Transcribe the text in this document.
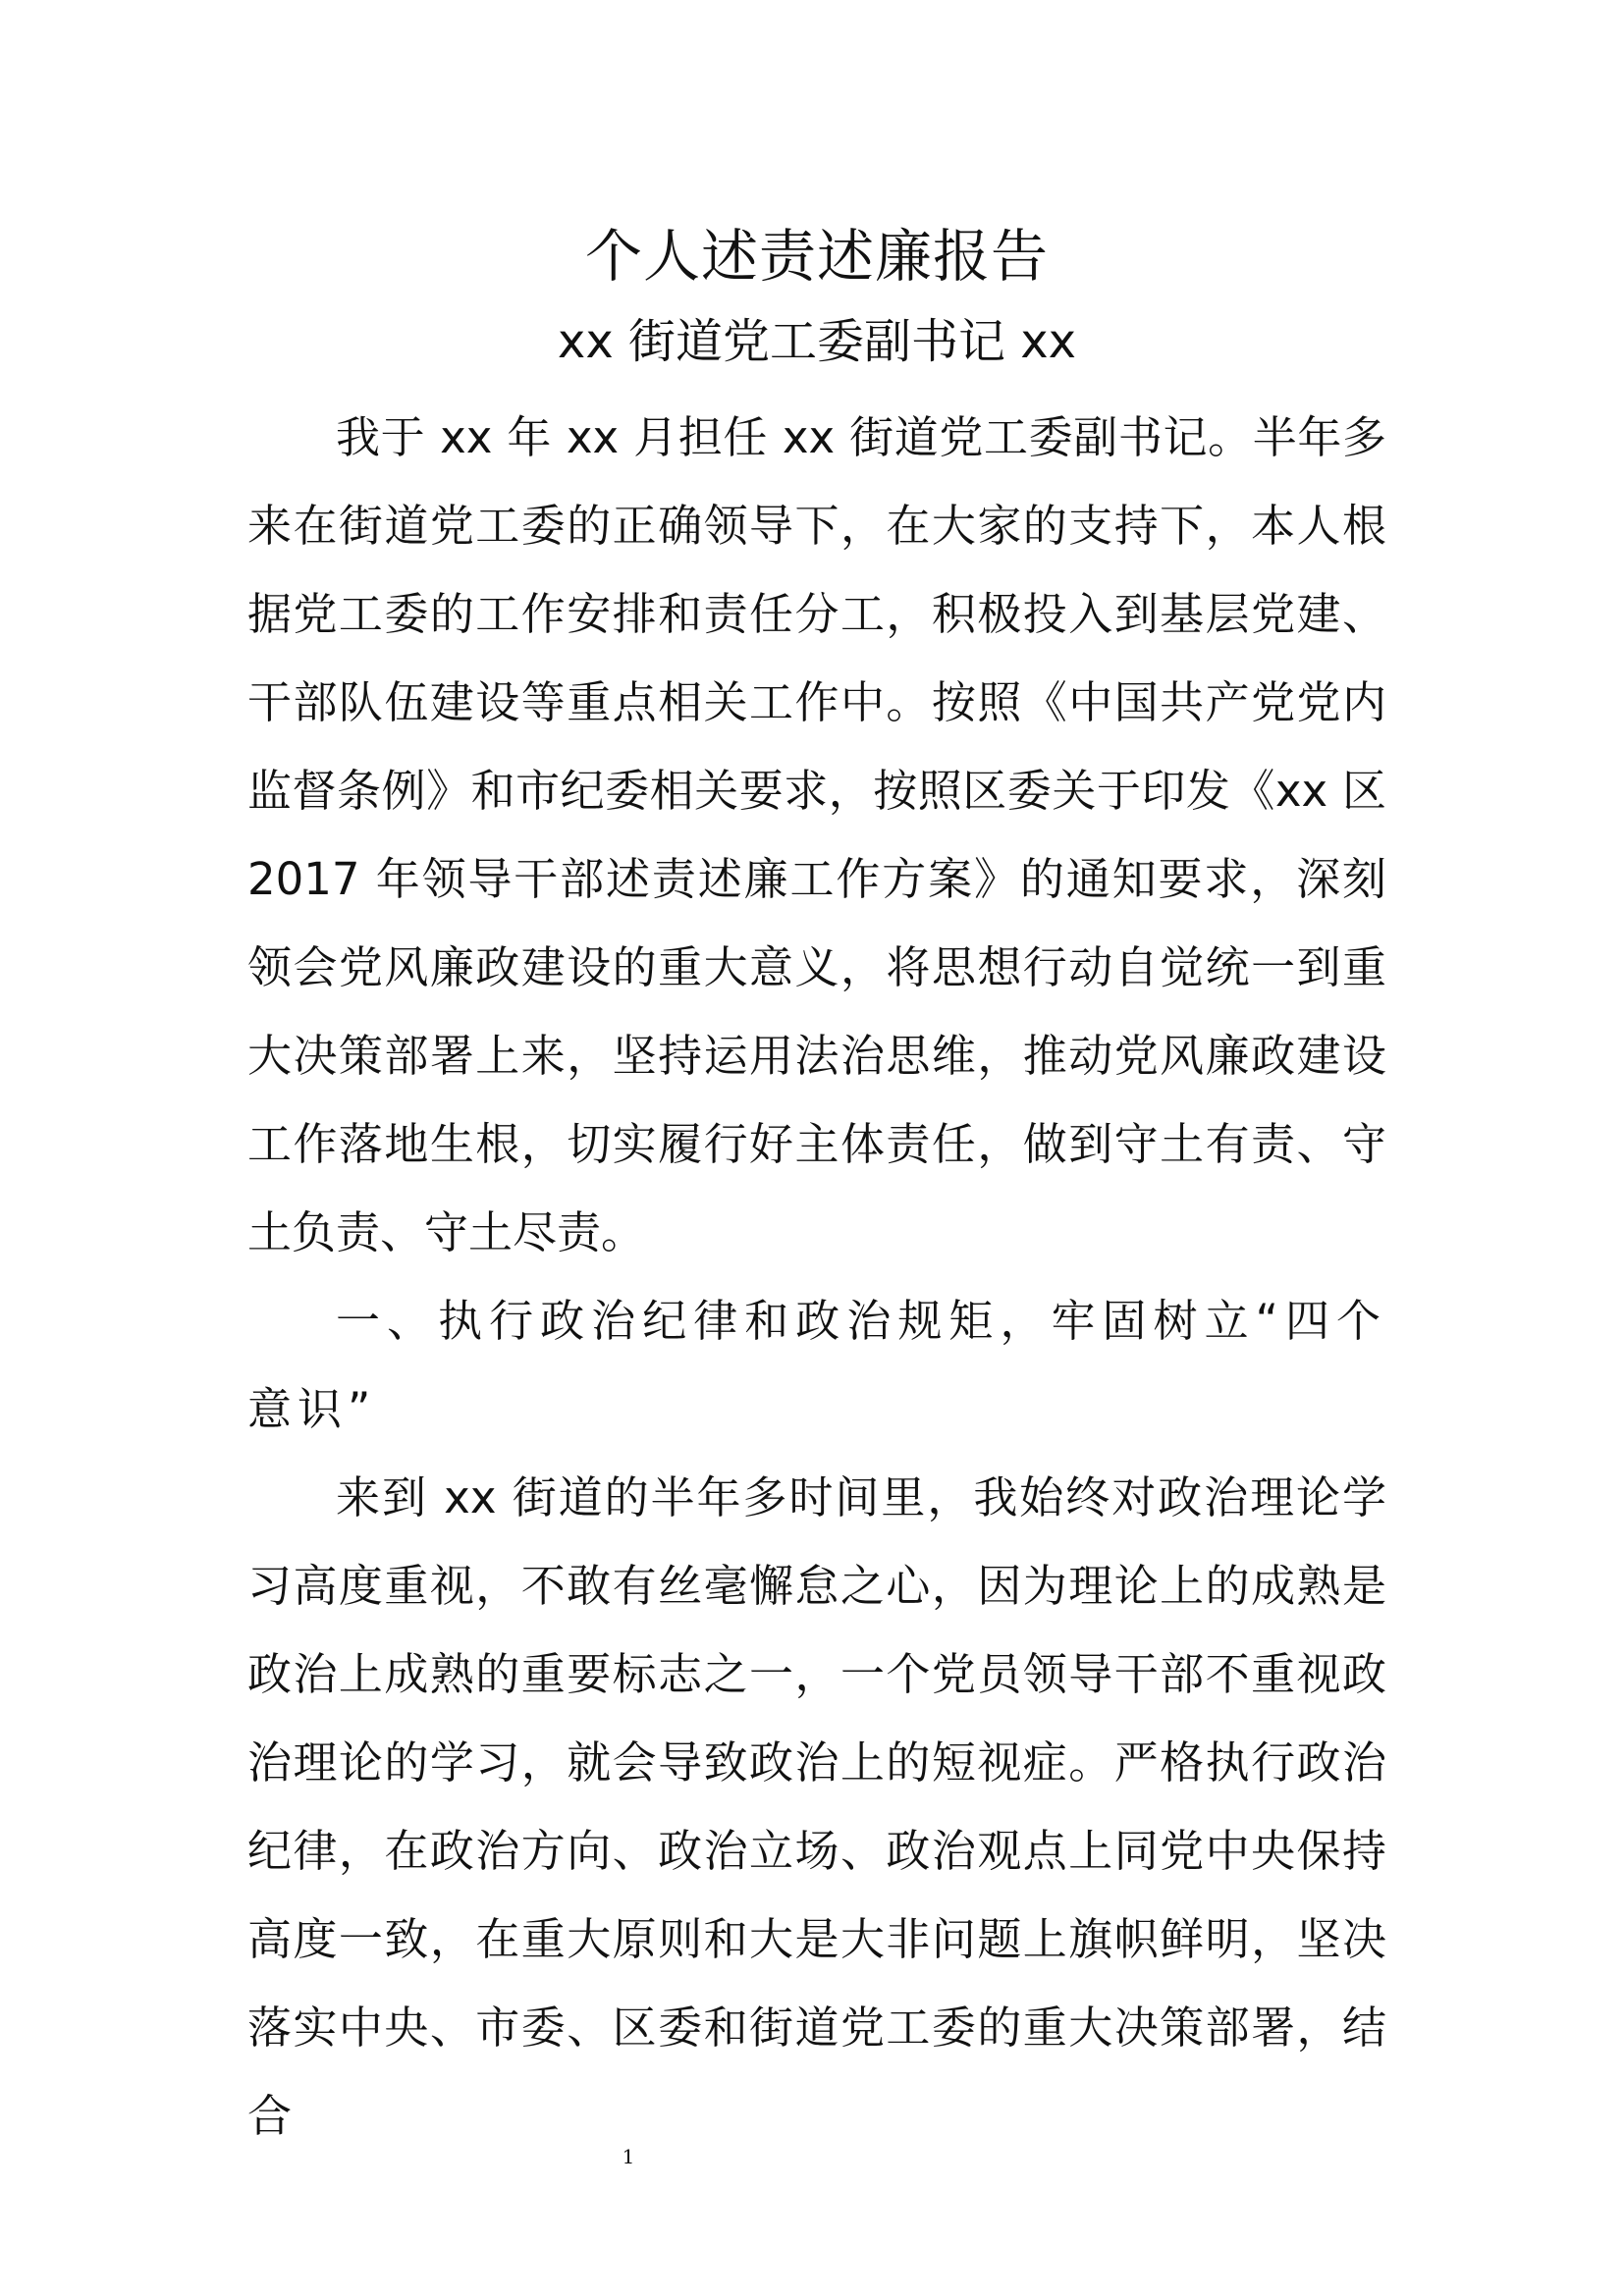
个人述责述廉报告
xx 街道党工委副书记 xx

我于 xx 年 xx 月担任 xx 街道党工委副书记。半年多来在街道党工委的正确领导下，在大家的支持下，本人根据党工委的工作安排和责任分工，积极投入到基层党建、干部队伍建设等重点相关工作中。按照《中国共产党党内监督条例》和市纪委相关要求，按照区委关于印发《xx 区 2017 年领导干部述责述廉工作方案》的通知要求，深刻领会党风廉政建设的重大意义，将思想行动自觉统一到重大决策部署上来，坚持运用法治思维，推动党风廉政建设工作落地生根，切实履行好主体责任，做到守土有责、守土负责、守土尽责。

一、执行政治纪律和政治规矩，牢固树立“四个意识”

来到 xx 街道的半年多时间里，我始终对政治理论学习高度重视，不敢有丝毫懈怠之心，因为理论上的成熟是政治上成熟的重要标志之一，一个党员领导干部不重视政治理论的学习，就会导致政治上的短视症。严格执行政治纪律，在政治方向、政治立场、政治观点上同党中央保持高度一致，在重大原则和大是大非问题上旗帜鲜明，坚决落实中央、市委、区委和街道党工委的重大决策部署，结合

1
